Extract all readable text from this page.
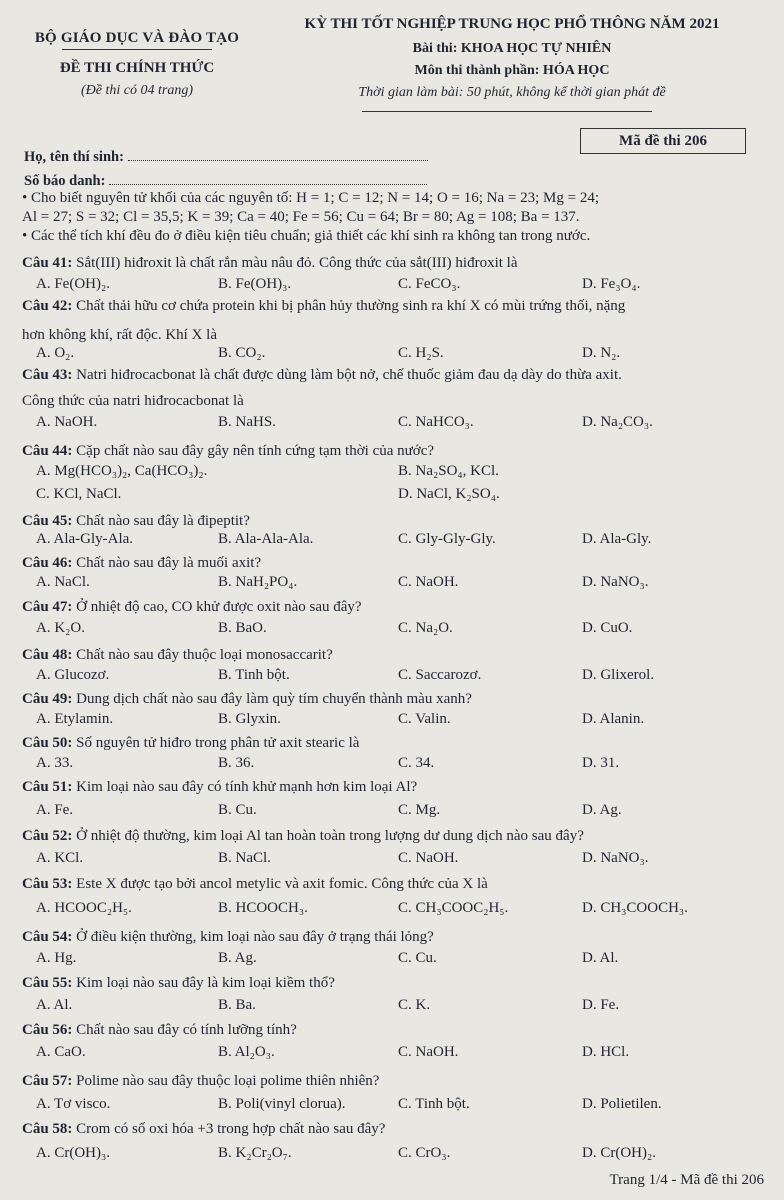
BỘ GIÁO DỤC VÀ ĐÀO TẠO
ĐỀ THI CHÍNH THỨC
(Đề thi có 04 trang)
KỲ THI TỐT NGHIỆP TRUNG HỌC PHỔ THÔNG NĂM 2021
Bài thi: KHOA HỌC TỰ NHIÊN
Môn thi thành phần: HÓA HỌC
Thời gian làm bài: 50 phút, không kể thời gian phát đề
Mã đề thi 206
Họ, tên thí sinh:
Số báo danh:
• Cho biết nguyên tử khối của các nguyên tố: H = 1; C = 12; N = 14; O = 16; Na = 23; Mg = 24;
Al = 27; S = 32; Cl = 35,5; K = 39; Ca = 40; Fe = 56; Cu = 64; Br = 80; Ag = 108; Ba = 137.
• Các thể tích khí đều đo ở điều kiện tiêu chuẩn; giả thiết các khí sinh ra không tan trong nước.
Câu 41: Sắt(III) hiđroxit là chất rắn màu nâu đỏ. Công thức của sắt(III) hiđroxit là
A. Fe(OH)₂.	B. Fe(OH)₃.	C. FeCO₃.	D. Fe₃O₄.
Câu 42: Chất thải hữu cơ chứa protein khi bị phân hủy thường sinh ra khí X có mùi trứng thối, nặng
hơn không khí, rất độc. Khí X là
A. O₂.	B. CO₂.	C. H₂S.	D. N₂.
Câu 43: Natri hiđrocacbonat là chất được dùng làm bột nở, chế thuốc giảm đau dạ dày do thừa axit.
Công thức của natri hiđrocacbonat là
A. NaOH.	B. NaHS.	C. NaHCO₃.	D. Na₂CO₃.
Câu 44: Cặp chất nào sau đây gây nên tính cứng tạm thời của nước?
A. Mg(HCO₃)₂, Ca(HCO₃)₂.	B. Na₂SO₄, KCl.
C. KCl, NaCl.	D. NaCl, K₂SO₄.
Câu 45: Chất nào sau đây là đipeptit?
A. Ala-Gly-Ala.	B. Ala-Ala-Ala.	C. Gly-Gly-Gly.	D. Ala-Gly.
Câu 46: Chất nào sau đây là muối axit?
A. NaCl.	B. NaH₂PO₄.	C. NaOH.	D. NaNO₃.
Câu 47: Ở nhiệt độ cao, CO khử được oxit nào sau đây?
A. K₂O.	B. BaO.	C. Na₂O.	D. CuO.
Câu 48: Chất nào sau đây thuộc loại monosaccarit?
A. Glucozơ.	B. Tinh bột.	C. Saccarozơ.	D. Glixerol.
Câu 49: Dung dịch chất nào sau đây làm quỳ tím chuyển thành màu xanh?
A. Etylamin.	B. Glyxin.	C. Valin.	D. Alanin.
Câu 50: Số nguyên tử hiđro trong phân tử axit stearic là
A. 33.	B. 36.	C. 34.	D. 31.
Câu 51: Kim loại nào sau đây có tính khử mạnh hơn kim loại Al?
A. Fe.	B. Cu.	C. Mg.	D. Ag.
Câu 52: Ở nhiệt độ thường, kim loại Al tan hoàn toàn trong lượng dư dung dịch nào sau đây?
A. KCl.	B. NaCl.	C. NaOH.	D. NaNO₃.
Câu 53: Este X được tạo bởi ancol metylic và axit fomic. Công thức của X là
A. HCOOC₂H₅.	B. HCOOCH₃.	C. CH₃COOC₂H₅.	D. CH₃COOCH₃.
Câu 54: Ở điều kiện thường, kim loại nào sau đây ở trạng thái lỏng?
A. Hg.	B. Ag.	C. Cu.	D. Al.
Câu 55: Kim loại nào sau đây là kim loại kiềm thổ?
A. Al.	B. Ba.	C. K.	D. Fe.
Câu 56: Chất nào sau đây có tính lưỡng tính?
A. CaO.	B. Al₂O₃.	C. NaOH.	D. HCl.
Câu 57: Polime nào sau đây thuộc loại polime thiên nhiên?
A. Tơ visco.	B. Poli(vinyl clorua).	C. Tinh bột.	D. Polietilen.
Câu 58: Crom có số oxi hóa +3 trong hợp chất nào sau đây?
A. Cr(OH)₃.	B. K₂Cr₂O₇.	C. CrO₃.	D. Cr(OH)₂.
Trang 1/4 - Mã đề thi 206
